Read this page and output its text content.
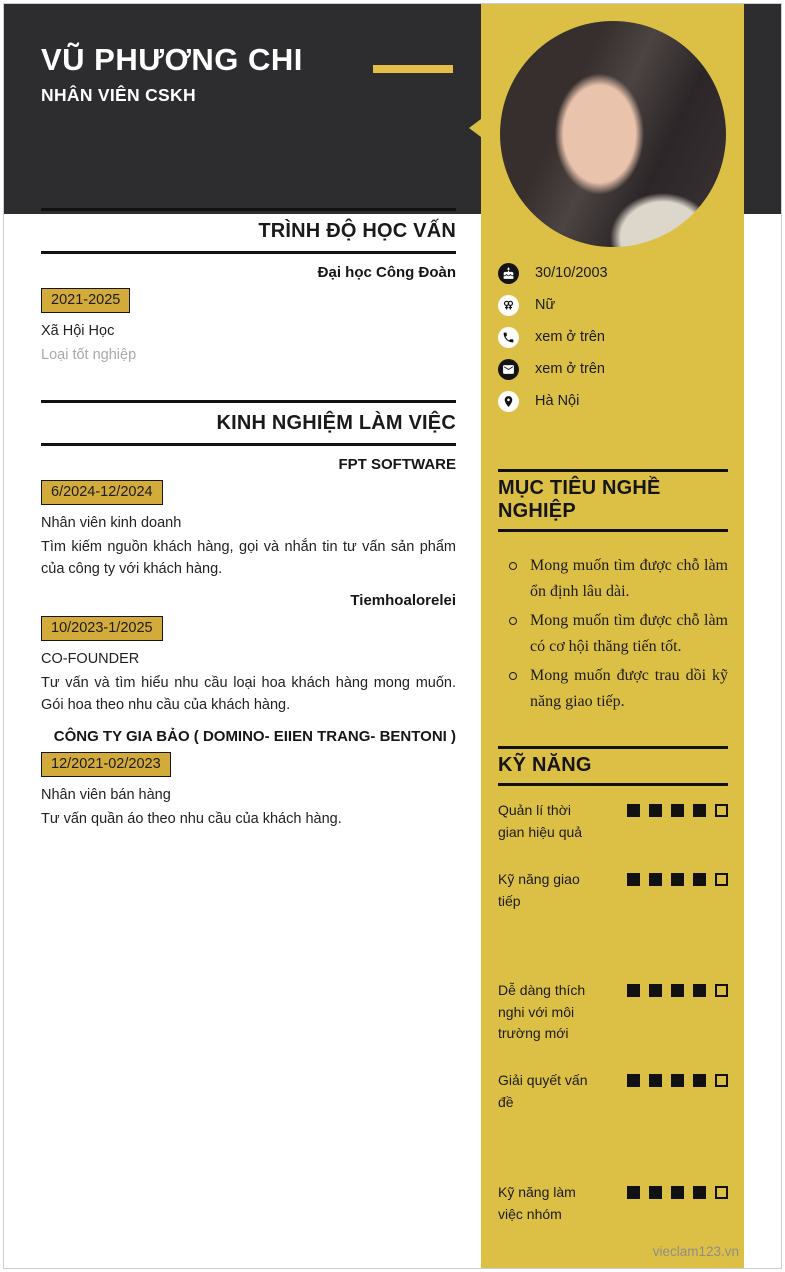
VŨ PHƯƠNG CHI
NHÂN VIÊN CSKH
TRÌNH ĐỘ HỌC VẤN
Đại học Công Đoàn
2021-2025
Xã Hội Học
Loại tốt nghiệp
KINH NGHIỆM LÀM VIỆC
FPT SOFTWARE
6/2024-12/2024
Nhân viên kinh doanh

Tìm kiếm nguồn khách hàng, gọi và nhắn tin tư vấn sản phẩm của công ty với khách hàng.

Tiemhoalorelei
10/2023-1/2025
CO-FOUNDER

Tư vấn và tìm hiểu nhu cầu loại hoa khách hàng mong muốn. Gói hoa theo nhu cầu của khách hàng.

CÔNG TY GIA BẢO ( DOMINO- EIIEN TRANG- BENTONI )
12/2021-02/2023
Nhân viên bán hàng

Tư vấn quần áo theo nhu cầu của khách hàng.

30/10/2003
Nữ
xem ở trên
xem ở trên
Hà Nội
MỤC TIÊU NGHỀ NGHIỆP
Mong muốn tìm được chỗ làm ổn định lâu dài.
Mong muốn tìm được chỗ làm có cơ hội thăng tiến tốt.
Mong muốn được trau dồi kỹ năng giao tiếp.
KỸ NĂNG
Quản lí thời gian hiệu quả
Kỹ năng giao tiếp
Dễ dàng thích nghi với môi trường mới
Giải quyết vấn đề
Kỹ năng làm việc nhóm
vieclam123.vn
